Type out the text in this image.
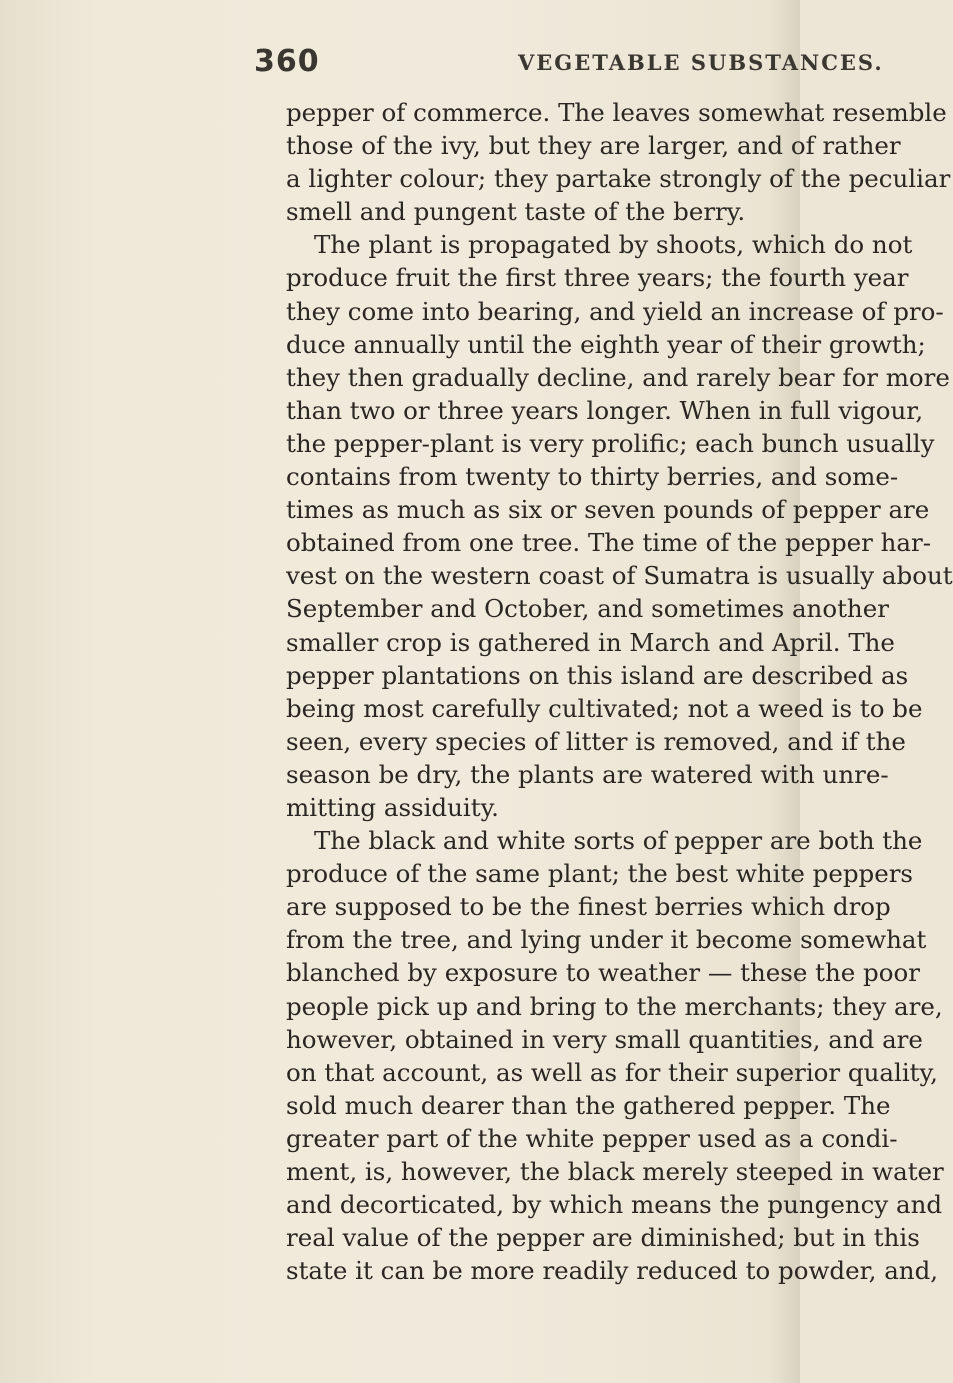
360	VEGETABLE SUBSTANCES.
pepper of commerce. The leaves somewhat resemble
those of the ivy, but they are larger, and of rather
a lighter colour; they partake strongly of the peculiar
smell and pungent taste of the berry.
The plant is propagated by shoots, which do not
produce fruit the first three years; the fourth year
they come into bearing, and yield an increase of pro-
duce annually until the eighth year of their growth;
they then gradually decline, and rarely bear for more
than two or three years longer. When in full vigour,
the pepper-plant is very prolific; each bunch usually
contains from twenty to thirty berries, and some-
times as much as six or seven pounds of pepper are
obtained from one tree. The time of the pepper har-
vest on the western coast of Sumatra is usually about
September and October, and sometimes another
smaller crop is gathered in March and April. The
pepper plantations on this island are described as
being most carefully cultivated; not a weed is to be
seen, every species of litter is removed, and if the
season be dry, the plants are watered with unre-
mitting assiduity.
The black and white sorts of pepper are both the
produce of the same plant; the best white peppers
are supposed to be the finest berries which drop
from the tree, and lying under it become somewhat
blanched by exposure to weather — these the poor
people pick up and bring to the merchants; they are,
however, obtained in very small quantities, and are
on that account, as well as for their superior quality,
sold much dearer than the gathered pepper. The
greater part of the white pepper used as a condi-
ment, is, however, the black merely steeped in water
and decorticated, by which means the pungency and
real value of the pepper are diminished; but in this
state it can be more readily reduced to powder, and,
